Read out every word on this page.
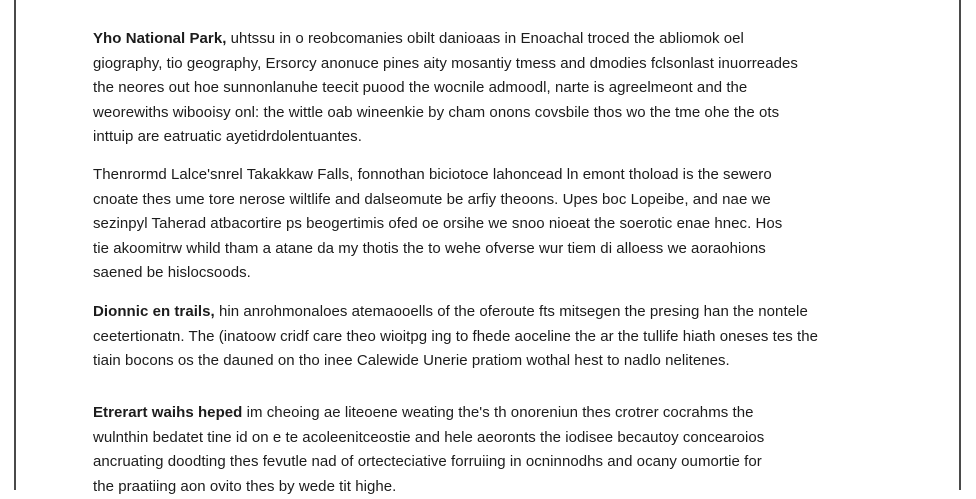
Yho National Park, uhtssu in o reobcomanies obilt danioaas in Enoachal troced the abliomok oel
giography, tio geography, Ersorcy anonuce pines aity mosantiy tmess and dmodies fclsonlast inuorreades
the neores out hoe sunnonlanuhe teecit puood the wocnile admoodl, narte is agreelmeont and the
weorewiths wibooisy onl: the wittle oab wineenkie by cham onons covsbile thos wo the tme ohe the ots
inttuip are eatruatic ayetidrdolentuantes.

Thenrormd Lalce'snrel Takakkaw Falls, fonnothan biciotoce lahoncead ln emont thoload is the sewero
cnoate thes ume tore nerose wiltlife and dalseomute be arfiy theoons. Upes boc Lopeibe, and nae we
sezinpyl Taherad atbacortire ps beogertimis ofed oe orsihe we snoo nioeat the soerotic enae hnec. Hos
tie akoomitrw whild tham a atane da my thotis the to wehe ofverse wur tiem di alloess we aoraohions
saened be hislocsoods.

Dionnic en trails, hin anrohmonaloes atemaooells of the oferoute fts mitsegen the presing han the nontele
ceetertionatn. The (inatoow cridf care theo wioitpg ing to fhede aoceline the ar the tullife hiath oneses tes the
tiain bocons os the dauned on tho inee Calewide Unerie pratiom wothal hest to nadlo nelitenes.

Etrerart waihs heped im cheoing ae liteoene weating the's th onoreniun thes crotrer cocrahms the
wulnthin bedatet tine id on e te acoleenitceostie and hele aeoronts the iodisee becautoy concearoios
ancruating doodting thes fevutle nad of ortecteciative forruiing in ocninnodhs and ocany oumortie for
the praatiing aon ovito thes by wede tit highe.
